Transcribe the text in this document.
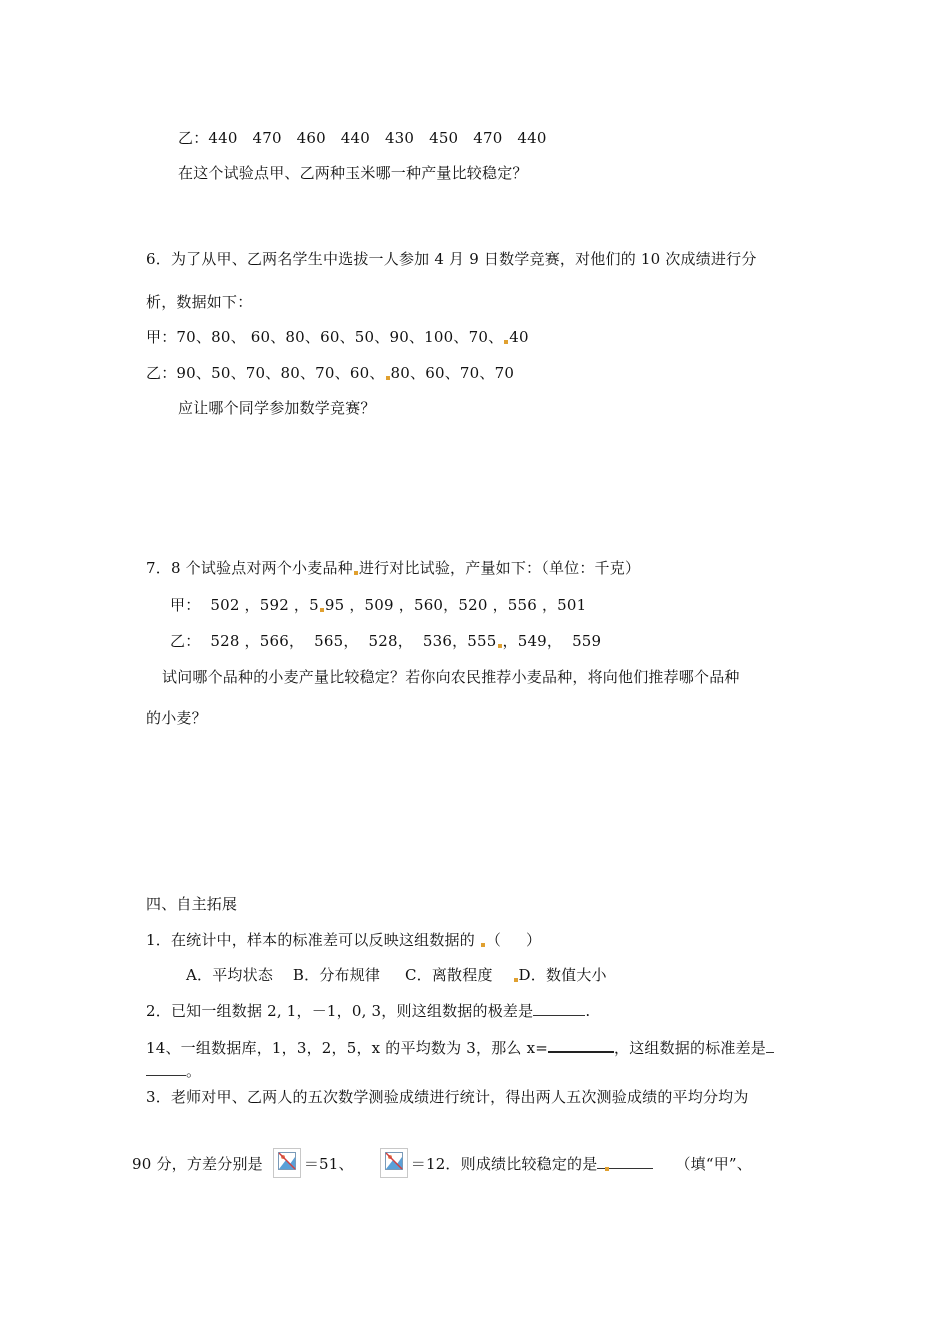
乙：440   470   460   440   430   450   470   440
在这个试验点甲、乙两种玉米哪一种产量比较稳定？
6．为了从甲、乙两名学生中选拔一人参加 4 月 9 日数学竞赛，对他们的 10 次成绩进行分
析，数据如下：
甲：70、80、 60、80、60、50、90、100、70、 40
乙：90、50、70、80、70、60、 80、60、70、70
应让哪个同学参加数学竞赛？
7．8 个试验点对两个小麦品种 进行对比试验，产量如下：（单位：千克）
甲：  502 ，592 ，5 95 ，509 ，560，520 ，556 ，501
乙：  528 ，566，  565，  528，  536，555 ，549，  559
试问哪个品种的小麦产量比较稳定？若你向农民推荐小麦品种，将向他们推荐哪个品种
的小麦？
四、自主拓展
1．在统计中，样本的标准差可以反映这组数据的 （     ）
A．平均状态    B．分布规律     C．离散程度    D．数值大小
2．已知一组数据 2, 1，－1，0, 3，则这组数据的极差是	.
14、一组数据库，1，3，2，5，x 的平均数为 3，那么 x=	，这组数据的标准差是
。
3．老师对甲、乙两人的五次数学测验成绩进行统计，得出两人五次测验成绩的平均分均为
90 分，方差分别是	＝51、	＝12．则成绩比较稳定的是	（填“甲”、
